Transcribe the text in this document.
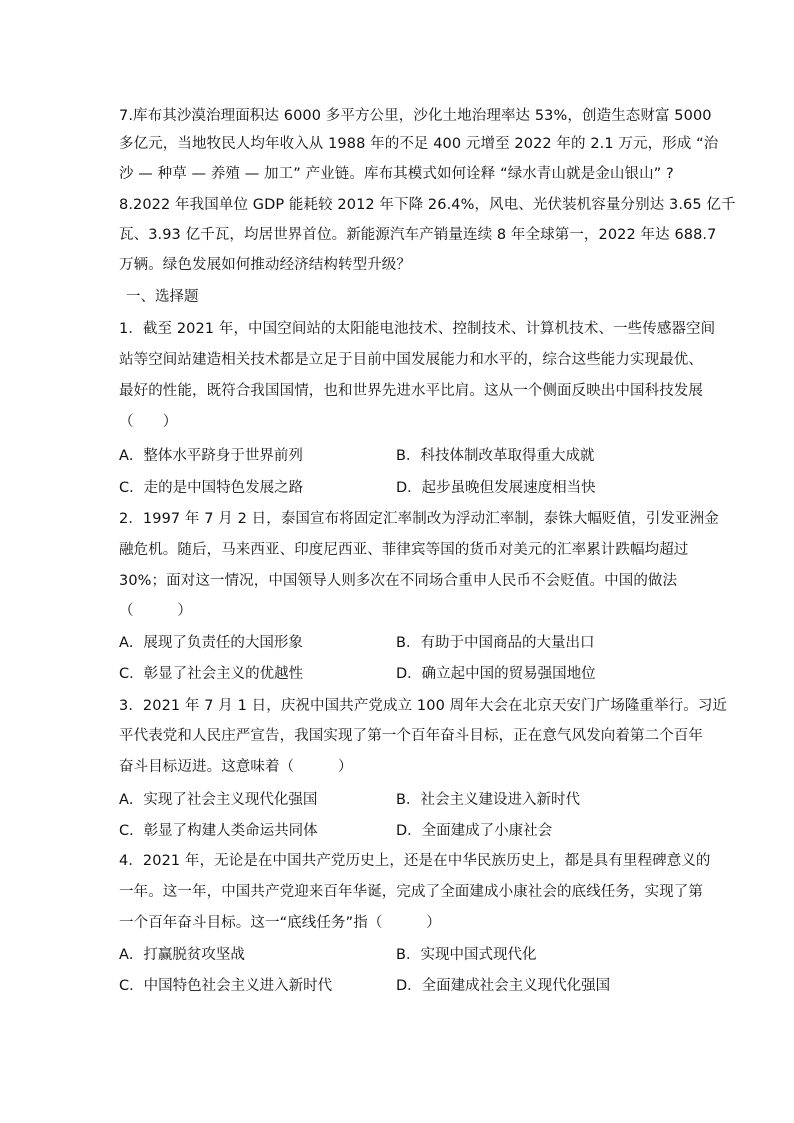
7.库布其沙漠治理面积达 6000 多平方公里，沙化土地治理率达 53%，创造生态财富 5000
多亿元，当地牧民人均年收入从 1988 年的不足 400 元增至 2022 年的 2.1 万元，形成 “治
沙 — 种草 — 养殖 — 加工” 产业链。库布其模式如何诠释 “绿水青山就是金山银山” ?
8.2022 年我国单位 GDP 能耗较 2012 年下降 26.4%，风电、光伏装机容量分别达 3.65 亿千
瓦、3.93 亿千瓦，均居世界首位。新能源汽车产销量连续 8 年全球第一，2022 年达 688.7
万辆。绿色发展如何推动经济结构转型升级？
一、选择题
1．截至 2021 年，中国空间站的太阳能电池技术、控制技术、计算机技术、一些传感器空间
站等空间站建造相关技术都是立足于目前中国发展能力和水平的，综合这些能力实现最优、
最好的性能，既符合我国国情，也和世界先进水平比肩。这从一个侧面反映出中国科技发展
（　　）
A．整体水平跻身于世界前列	B．科技体制改革取得重大成就
C．走的是中国特色发展之路	D．起步虽晚但发展速度相当快
2．1997 年 7 月 2 日，泰国宣布将固定汇率制改为浮动汇率制，泰铢大幅贬值，引发亚洲金
融危机。随后，马来西亚、印度尼西亚、菲律宾等国的货币对美元的汇率累计跌幅均超过
30%；面对这一情况，中国领导人则多次在不同场合重申人民币不会贬值。中国的做法
（　　　）
A．展现了负责任的大国形象	B．有助于中国商品的大量出口
C．彰显了社会主义的优越性	D．确立起中国的贸易强国地位
3．2021 年 7 月 1 日，庆祝中国共产党成立 100 周年大会在北京天安门广场隆重举行。习近
平代表党和人民庄严宣告，我国实现了第一个百年奋斗目标，正在意气风发向着第二个百年
奋斗目标迈进。这意味着（　　　）
A．实现了社会主义现代化强国	B．社会主义建设进入新时代
C．彰显了构建人类命运共同体	D．全面建成了小康社会
4．2021 年，无论是在中国共产党历史上，还是在中华民族历史上，都是具有里程碑意义的
一年。这一年，中国共产党迎来百年华诞，完成了全面建成小康社会的底线任务，实现了第
一个百年奋斗目标。这一“底线任务”指（　　　）
A．打赢脱贫攻坚战	B．实现中国式现代化
C．中国特色社会主义进入新时代	D．全面建成社会主义现代化强国
